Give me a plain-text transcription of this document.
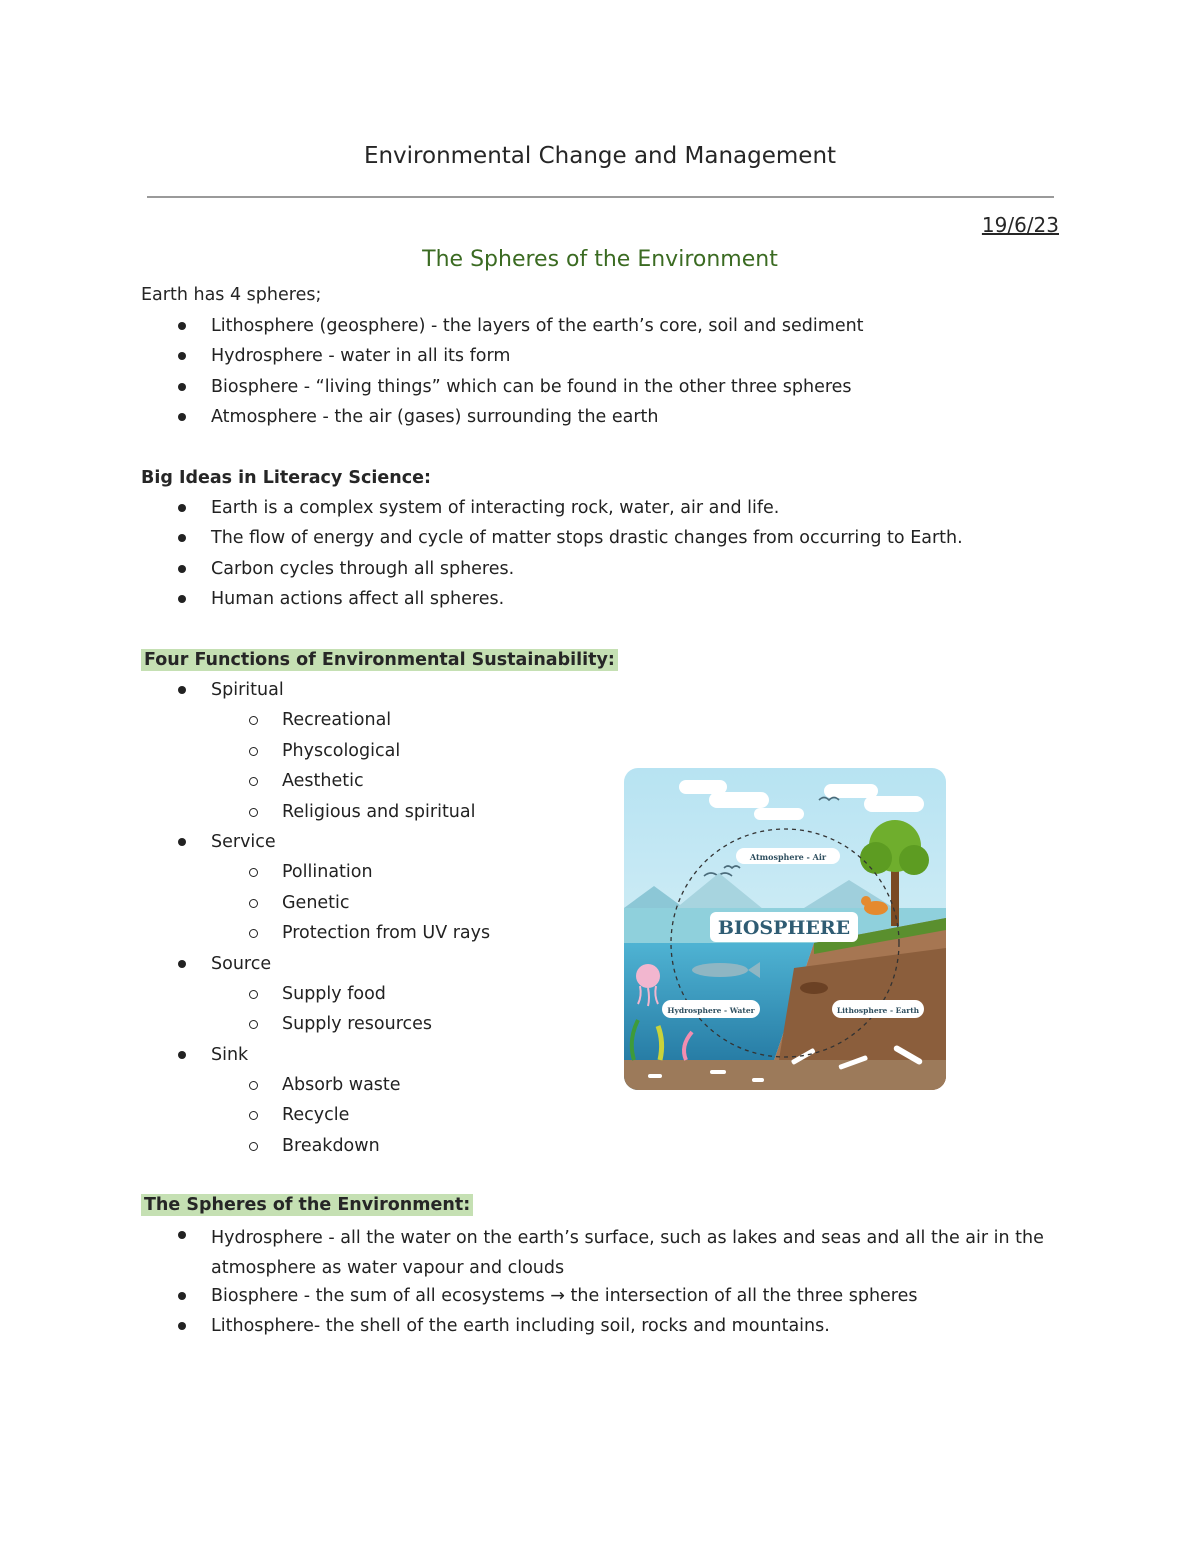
Environmental Change and Management
19/6/23
The Spheres of the Environment
Earth has 4 spheres;
Lithosphere (geosphere) - the layers of the earth’s core, soil and sediment
Hydrosphere - water in all its form
Biosphere - “living things” which can be found in the other three spheres
Atmosphere - the air (gases) surrounding the earth
Big Ideas in Literacy Science:
Earth is a complex system of interacting rock, water, air and life.
The flow of energy and cycle of matter stops drastic changes from occurring to Earth.
Carbon cycles through all spheres.
Human actions affect all spheres.
Four Functions of Environmental Sustainability:
Spiritual
Recreational
Physcological
Aesthetic
Religious and spiritual
Service
Pollination
Genetic
Protection from UV rays
Source
Supply food
Supply resources
Sink
Absorb waste
Recycle
Breakdown
The Spheres of the Environment:
Hydrosphere - all the water on the earth’s surface, such as lakes and seas and all the air in the atmosphere as water vapour and clouds
Biosphere - the sum of all ecosystems → the intersection of all the three spheres
Lithosphere- the shell of the earth including soil, rocks and mountains.
Atmosphere - Air
BIOSPHERE
Hydrosphere - Water	Lithosphere - Earth
